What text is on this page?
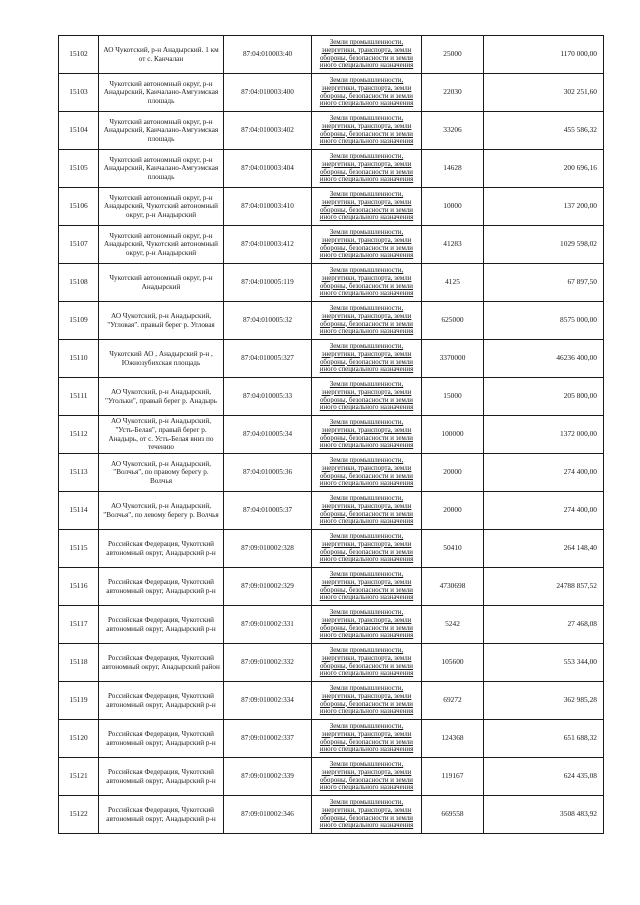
15102	АО Чукотский, р-н Анадырский. 1 км от с. Канчалан	87:04:010003:40	Земли промышленности,
энергетики, транспорта, земли
обороны, безопасности и земли
иного специального назначения	25000	1170 000,00
15103	Чукотский автономный округ, р-н Анадырский, Канчалано-Амгуэмская плошадь	87:04:010003:400	Земли промышленности,
энергетики, транспорта, земли
обороны, безопасности и земли
иного специального назначения	22030	302 251,60
15104	Чукотский автономный округ, р-н Анадырский, Канчалано-Амгуэмская плошадь	87:04:010003:402	Земли промышленности,
энергетики, транспорта, земли
обороны, безопасности и земли
иного специального назначения	33206	455 586,32
15105	Чукотский автономный округ, р-н Анадырский, Канчалано-Амгуэмская плошадь	87:04:010003:404	Земли промышленности,
энергетики, транспорта, земли
обороны, безопасности и земли
иного специального назначения	14628	200 696,16
15106	Чукотский автономный округ, р-н Анадырский, Чукотский автономный округ, р-н Анадырский	87:04:010003:410	Земли промышленности,
энергетики, транспорта, земли
обороны, безопасности и земли
иного специального назначения	10000	137 200,00
15107	Чукотский автономный округ, р-н Анадырский, Чукотский автономный округ, р-н Анадырский	87:04:010003:412	Земли промышленности,
энергетики, транспорта, земли
обороны, безопасности и земли
иного специального назначения	41283	1029 598,02
15108	Чукотский автономный округ, р-н Анадырский	87:04:010005:119	Земли промышленности,
энергетики, транспорта, земли
обороны, безопасности и земли
иного специального назначения	4125	67 897,50
15109	АО Чукотский, р-н Анадырский, "Угловая". правый берег р. Угловая	87:04:010005:32	Земли промышленности,
энергетики, транспорта, земли
обороны, безопасности и земли
иного специального назначения	625000	8575 000,00
15110	Чукотский АО , Анадырский р-н , Южнозубихская площадь	87:04:010005:327	Земли промышленности,
энергетики, транспорта, земли
обороны, безопасности и земли
иного специального назначения	3370000	46236 400,00
15111	АО Чукотский, р-н Анадырский, "Угольки", правый берег р. Анадырь	87:04:010005:33	Земли промышленности,
энергетики, транспорта, земли
обороны, безопасности и земли
иного специального назначения	15000	205 800,00
15112	АО Чукотский, р-н Анадырский, "Усть-Белая", правый берег р. Анадырь, от с. Усть-Белая вниз по течению	87:04:010005:34	Земли промышленности,
энергетики, транспорта, земли
обороны, безопасности и земли
иного специального назначения	100000	1372 000,00
15113	АО Чукотский, р-н Анадырский, "Волчья", по правому берегу р. Волчья	87:04:010005:36	Земли промышленности,
энергетики, транспорта, земли
обороны, безопасности и земли
иного специального назначения	20000	274 400,00
15114	АО Чукотский, р-н Анадырский, "Волчья", по левому берегу р. Волчья	87:04:010005:37	Земли промышленности,
энергетики, транспорта, земли
обороны, безопасности и земли
иного специального назначения	20000	274 400,00
15115	Российская Федерация, Чукотский автономный округ, Анадырский р-н	87:09:010002:328	Земли промышленности,
энергетики, транспорта, земли
обороны, безопасности и земли
иного специального назначения	50410	264 148,40
15116	Российская Федерация, Чукотский автономный округ, Анадырский р-н	87:09:010002:329	Земли промышленности,
энергетики, транспорта, земли
обороны, безопасности и земли
иного специального назначения	4730698	24788 857,52
15117	Российская Федерация, Чукотский автономный округ, Анадырский р-н	87:09:010002:331	Земли промышленности,
энергетики, транспорта, земли
обороны, безопасности и земли
иного специального назначения	5242	27 468,08
15118	Российская Федерация, Чукотский автономный округ, Анадырский район	87:09:010002:332	Земли промышленности,
энергетики, транспорта, земли
обороны, безопасности и земли
иного специального назначения	105600	553 344,00
15119	Российская Федерация, Чукотский автономный округ, Анадырский р-н	87:09:010002:334	Земли промышленности,
энергетики, транспорта, земли
обороны, безопасности и земли
иного специального назначения	69272	362 985,28
15120	Российская Федерация, Чукотский автономный округ, Анадырский р-н	87:09:010002:337	Земли промышленности,
энергетики, транспорта, земли
обороны, безопасности и земли
иного специального назначения	124368	651 688,32
15121	Российская Федерация, Чукотский автономный округ, Анадырский р-н	87:09:010002:339	Земли промышленности,
энергетики, транспорта, земли
обороны, безопасности и земли
иного специального назначения	119167	624 435,08
15122	Российская Федерация, Чукотский автономный округ, Анадырский р-н	87:09:010002:346	Земли промышленности,
энергетики, транспорта, земли
обороны, безопасности и земли
иного специального назначения	669558	3508 483,92
